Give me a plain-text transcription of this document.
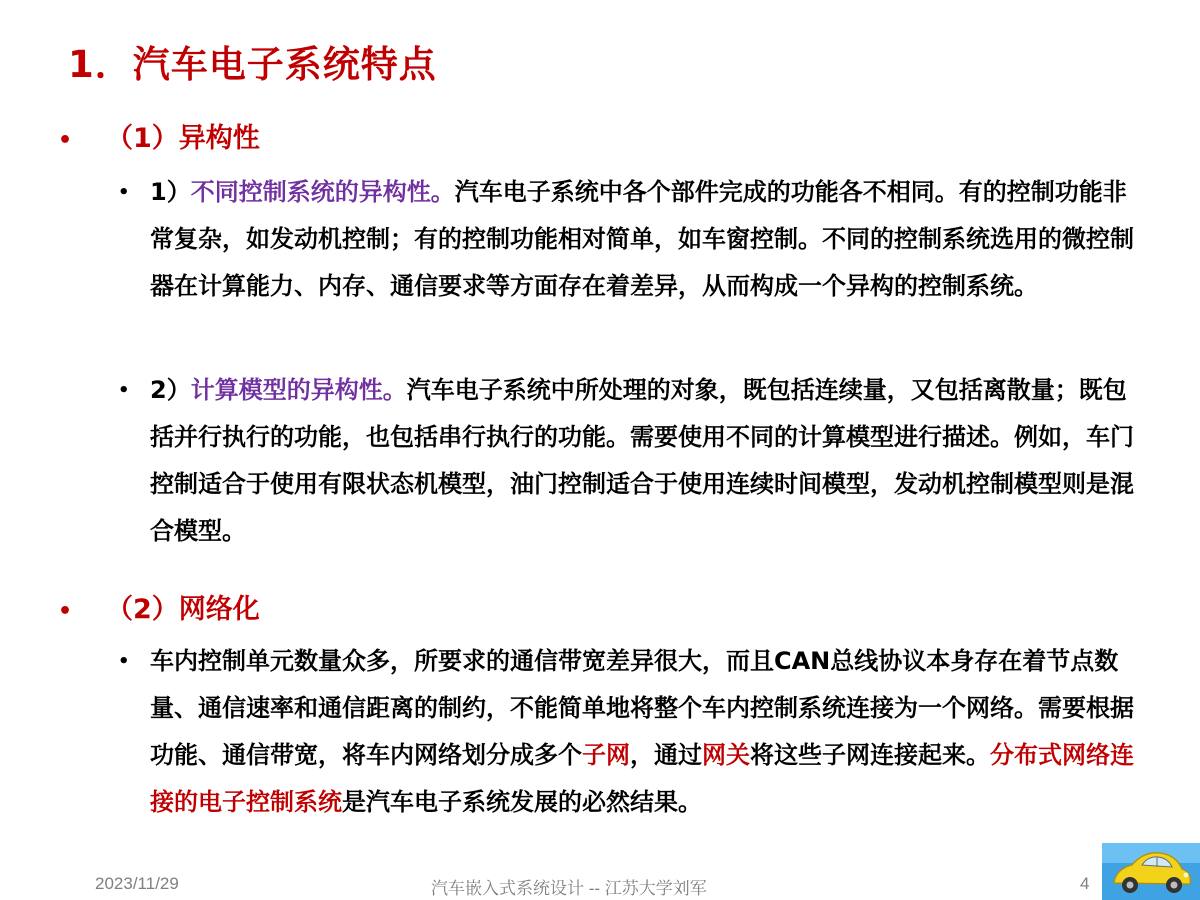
1．汽车电子系统特点
• （1）异构性
• 1）不同控制系统的异构性。汽车电子系统中各个部件完成的功能各不相同。有的控制功能非常复杂，如发动机控制；有的控制功能相对简单，如车窗控制。不同的控制系统选用的微控制器在计算能力、内存、通信要求等方面存在着差异，从而构成一个异构的控制系统。
• 2）计算模型的异构性。汽车电子系统中所处理的对象，既包括连续量，又包括离散量；既包括并行执行的功能，也包括串行执行的功能。需要使用不同的计算模型进行描述。例如，车门控制适合于使用有限状态机模型，油门控制适合于使用连续时间模型，发动机控制模型则是混合模型。
• （2）网络化
• 车内控制单元数量众多，所要求的通信带宽差异很大，而且CAN总线协议本身存在着节点数量、通信速率和通信距离的制约，不能简单地将整个车内控制系统连接为一个网络。需要根据功能、通信带宽，将车内网络划分成多个子网，通过网关将这些子网连接起来。分布式网络连接的电子控制系统是汽车电子系统发展的必然结果。
2023/11/29	汽车嵌入式系统设计 -- 江苏大学刘军	4
